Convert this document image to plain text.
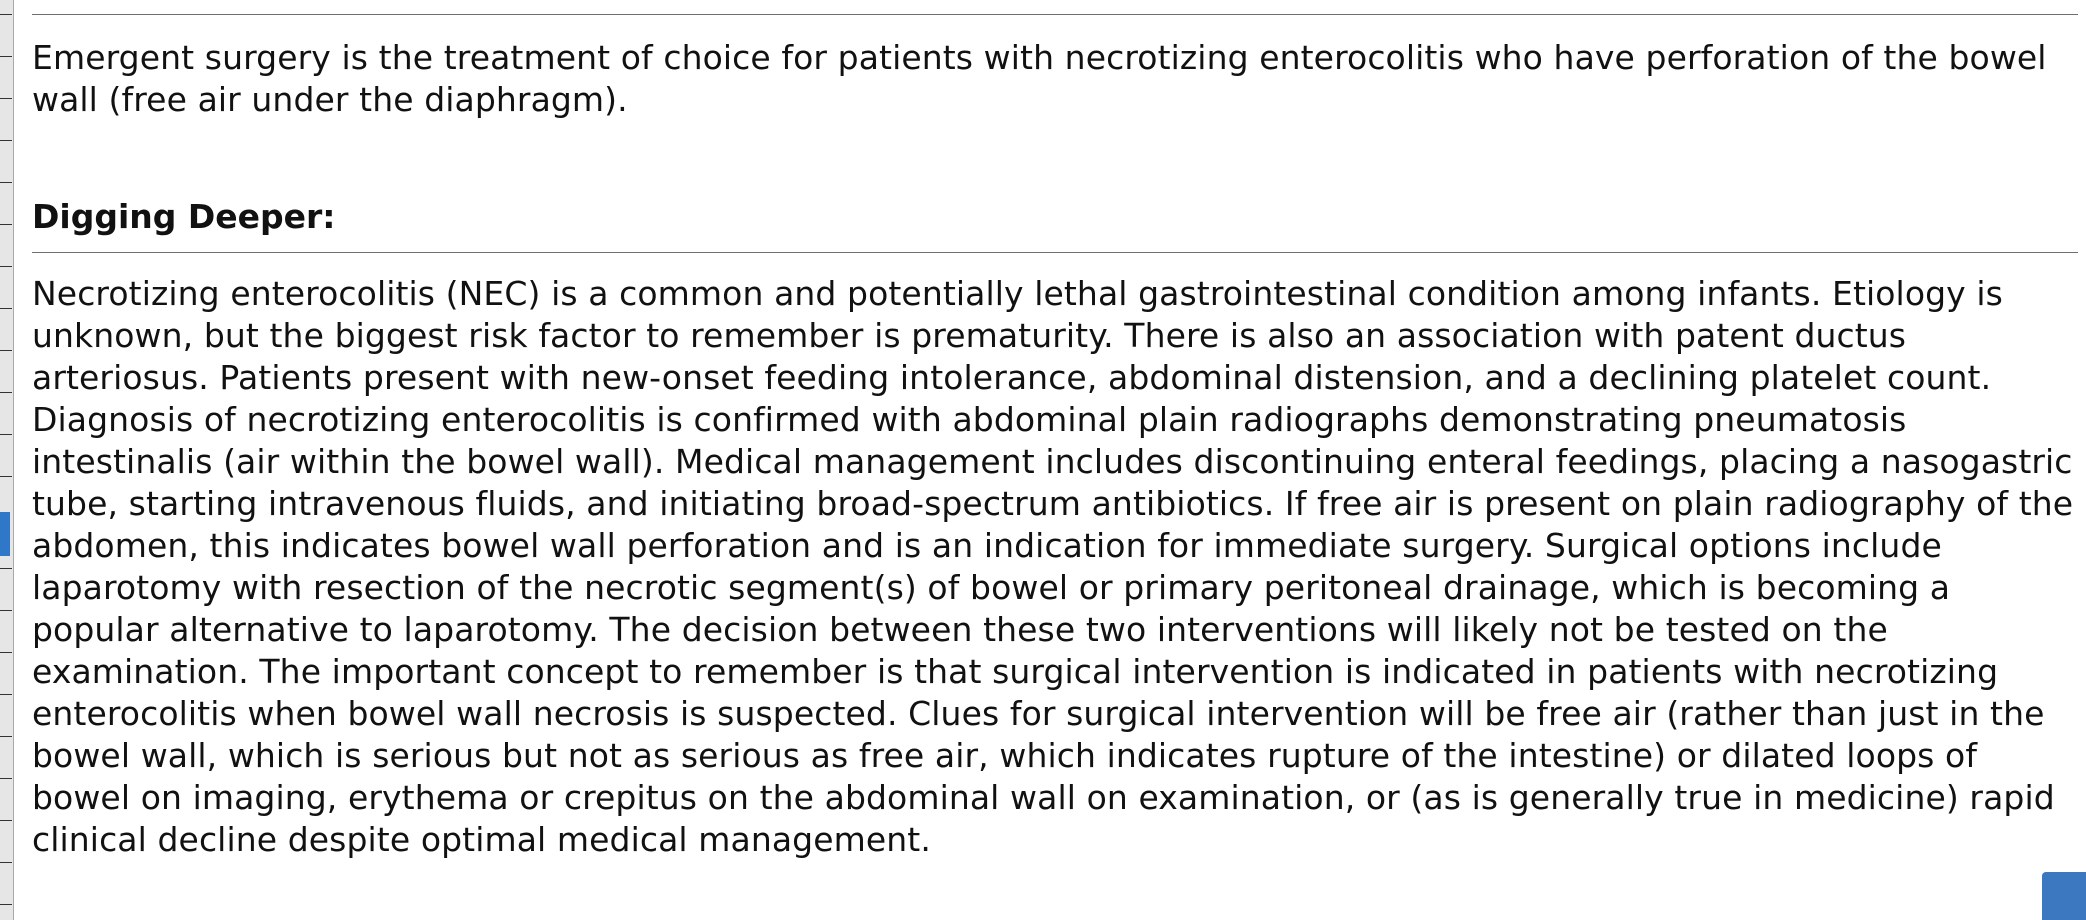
Emergent surgery is the treatment of choice for patients with necrotizing enterocolitis who have perforation of the bowel wall (free air under the diaphragm).

Digging Deeper:

Necrotizing enterocolitis (NEC) is a common and potentially lethal gastrointestinal condition among infants. Etiology is unknown, but the biggest risk factor to remember is prematurity. There is also an association with patent ductus arteriosus. Patients present with new-onset feeding intolerance, abdominal distension, and a declining platelet count. Diagnosis of necrotizing enterocolitis is confirmed with abdominal plain radiographs demonstrating pneumatosis intestinalis (air within the bowel wall). Medical management includes discontinuing enteral feedings, placing a nasogastric tube, starting intravenous fluids, and initiating broad-spectrum antibiotics. If free air is present on plain radiography of the abdomen, this indicates bowel wall perforation and is an indication for immediate surgery. Surgical options include laparotomy with resection of the necrotic segment(s) of bowel or primary peritoneal drainage, which is becoming a popular alternative to laparotomy. The decision between these two interventions will likely not be tested on the examination. The important concept to remember is that surgical intervention is indicated in patients with necrotizing enterocolitis when bowel wall necrosis is suspected. Clues for surgical intervention will be free air (rather than just in the bowel wall, which is serious but not as serious as free air, which indicates rupture of the intestine) or dilated loops of bowel on imaging, erythema or crepitus on the abdominal wall on examination, or (as is generally true in medicine) rapid clinical decline despite optimal medical management.
